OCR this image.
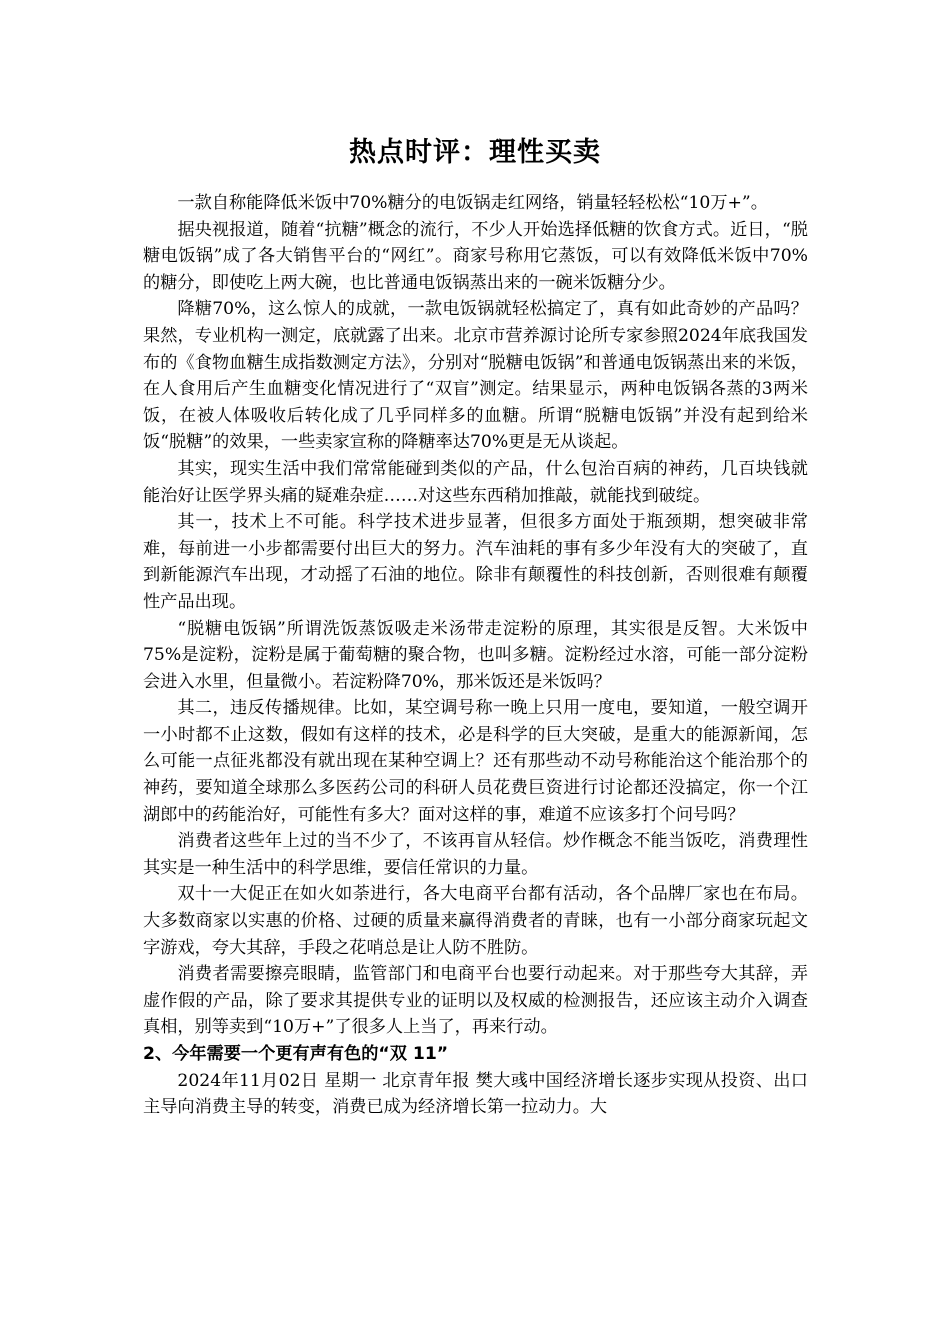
热点时评：理性买卖

一款自称能降低米饭中70%糖分的电饭锅走红网络，销量轻轻松松“10万+”。

据央视报道，随着“抗糖”概念的流行，不少人开始选择低糖的饮食方式。近日，“脱糖电饭锅”成了各大销售平台的“网红”。商家号称用它蒸饭，可以有效降低米饭中70%的糖分，即使吃上两大碗，也比普通电饭锅蒸出来的一碗米饭糖分少。

降糖70%，这么惊人的成就，一款电饭锅就轻松搞定了，真有如此奇妙的产品吗？果然，专业机构一测定，底就露了出来。北京市营养源讨论所专家参照2024年底我国发布的《食物血糖生成指数测定方法》，分别对“脱糖电饭锅”和普通电饭锅蒸出来的米饭，在人食用后产生血糖变化情况进行了“双盲”测定。结果显示，两种电饭锅各蒸的3两米饭，在被人体吸收后转化成了几乎同样多的血糖。所谓“脱糖电饭锅”并没有起到给米饭“脱糖”的效果，一些卖家宣称的降糖率达70%更是无从谈起。

其实，现实生活中我们常常能碰到类似的产品，什么包治百病的神药，几百块钱就能治好让医学界头痛的疑难杂症……对这些东西稍加推敲，就能找到破绽。

其一，技术上不可能。科学技术进步显著，但很多方面处于瓶颈期，想突破非常难，每前进一小步都需要付出巨大的努力。汽车油耗的事有多少年没有大的突破了，直到新能源汽车出现，才动摇了石油的地位。除非有颠覆性的科技创新，否则很难有颠覆性产品出现。

“脱糖电饭锅”所谓洗饭蒸饭吸走米汤带走淀粉的原理，其实很是反智。大米饭中75%是淀粉，淀粉是属于葡萄糖的聚合物，也叫多糖。淀粉经过水溶，可能一部分淀粉会进入水里，但量微小。若淀粉降70%，那米饭还是米饭吗？

其二，违反传播规律。比如，某空调号称一晚上只用一度电，要知道，一般空调开一小时都不止这数，假如有这样的技术，必是科学的巨大突破，是重大的能源新闻，怎么可能一点征兆都没有就出现在某种空调上？还有那些动不动号称能治这个能治那个的神药，要知道全球那么多医药公司的科研人员花费巨资进行讨论都还没搞定，你一个江湖郎中的药能治好，可能性有多大？面对这样的事，难道不应该多打个问号吗？

消费者这些年上过的当不少了，不该再盲从轻信。炒作概念不能当饭吃，消费理性其实是一种生活中的科学思维，要信任常识的力量。

双十一大促正在如火如荼进行，各大电商平台都有活动，各个品牌厂家也在布局。大多数商家以实惠的价格、过硬的质量来赢得消费者的青睐，也有一小部分商家玩起文字游戏，夸大其辞，手段之花哨总是让人防不胜防。

消费者需要擦亮眼睛，监管部门和电商平台也要行动起来。对于那些夸大其辞，弄虚作假的产品，除了要求其提供专业的证明以及权威的检测报告，还应该主动介入调查真相，别等卖到“10万+”了很多人上当了，再来行动。

2、今年需要一个更有声有色的“双 11”

2024年11月02日 星期一 北京青年报 樊大彧中国经济增长逐步实现从投资、出口主导向消费主导的转变，消费已成为经济增长第一拉动力。大
